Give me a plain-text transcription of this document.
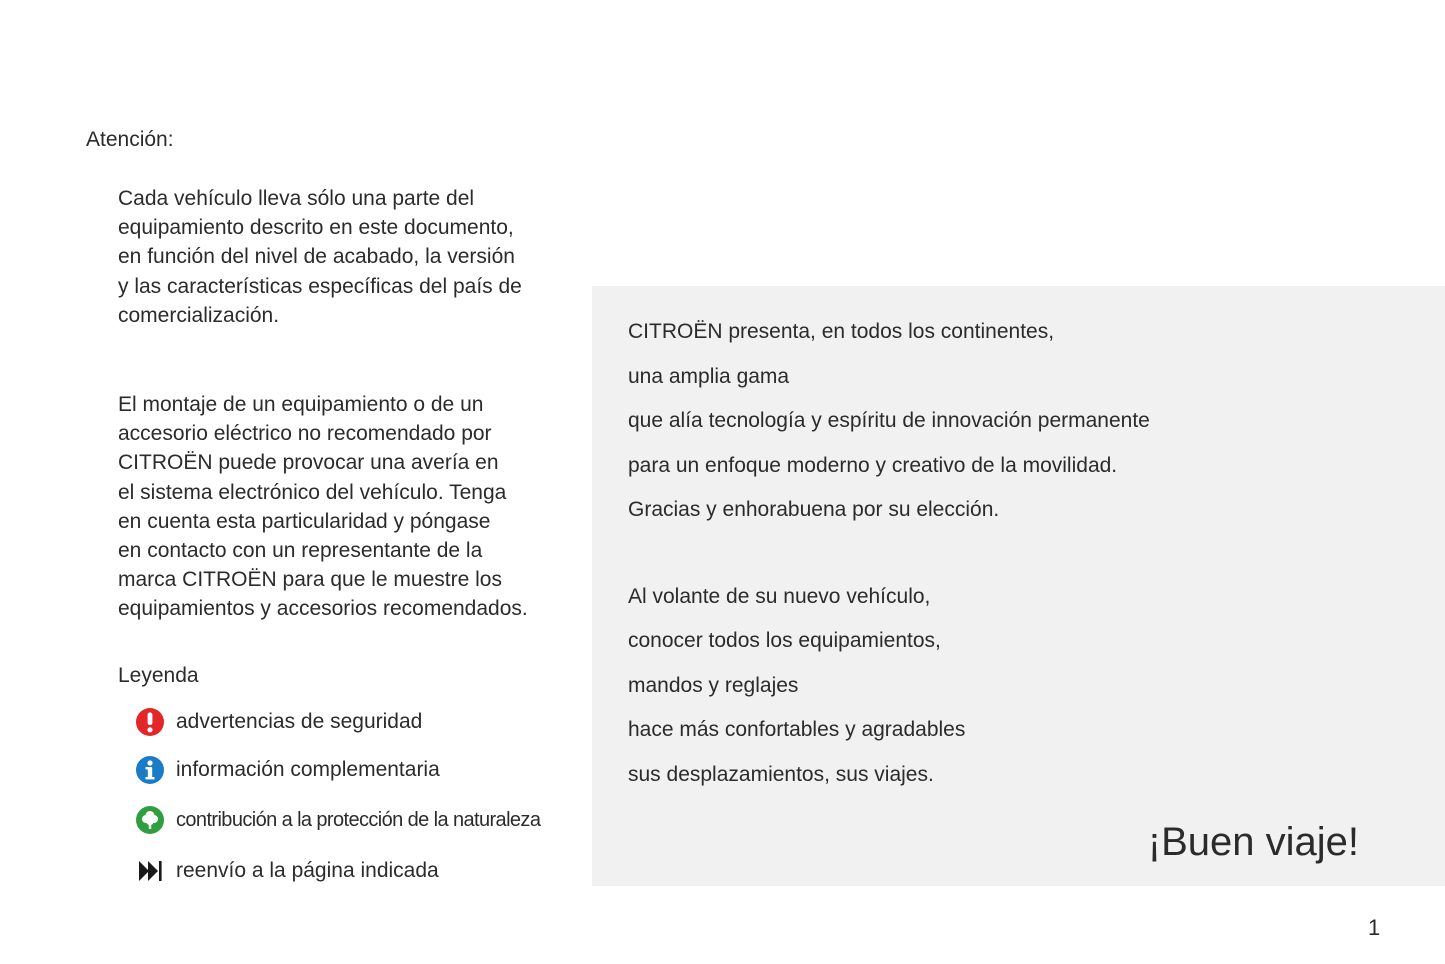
Atención:

Cada vehículo lleva sólo una parte del
equipamiento descrito en este documento,
en función del nivel de acabado, la versión
y las características específicas del país de
comercialización.

El montaje de un equipamiento o de un
accesorio eléctrico no recomendado por
CITROËN puede provocar una avería en
el sistema electrónico del vehículo. Tenga
en cuenta esta particularidad y póngase
en contacto con un representante de la
marca CITROËN para que le muestre los
equipamientos y accesorios recomendados.

Leyenda

advertencias de seguridad
información complementaria
contribución a la protección de la naturaleza
reenvío a la página indicada

CITROËN presenta, en todos los continentes,

una amplia gama

que alía tecnología y espíritu de innovación permanente

para un enfoque moderno y creativo de la movilidad.

Gracias y enhorabuena por su elección.

Al volante de su nuevo vehículo,

conocer todos los equipamientos,

mandos y reglajes

hace más confortables y agradables

sus desplazamientos, sus viajes.

¡Buen viaje!

1
